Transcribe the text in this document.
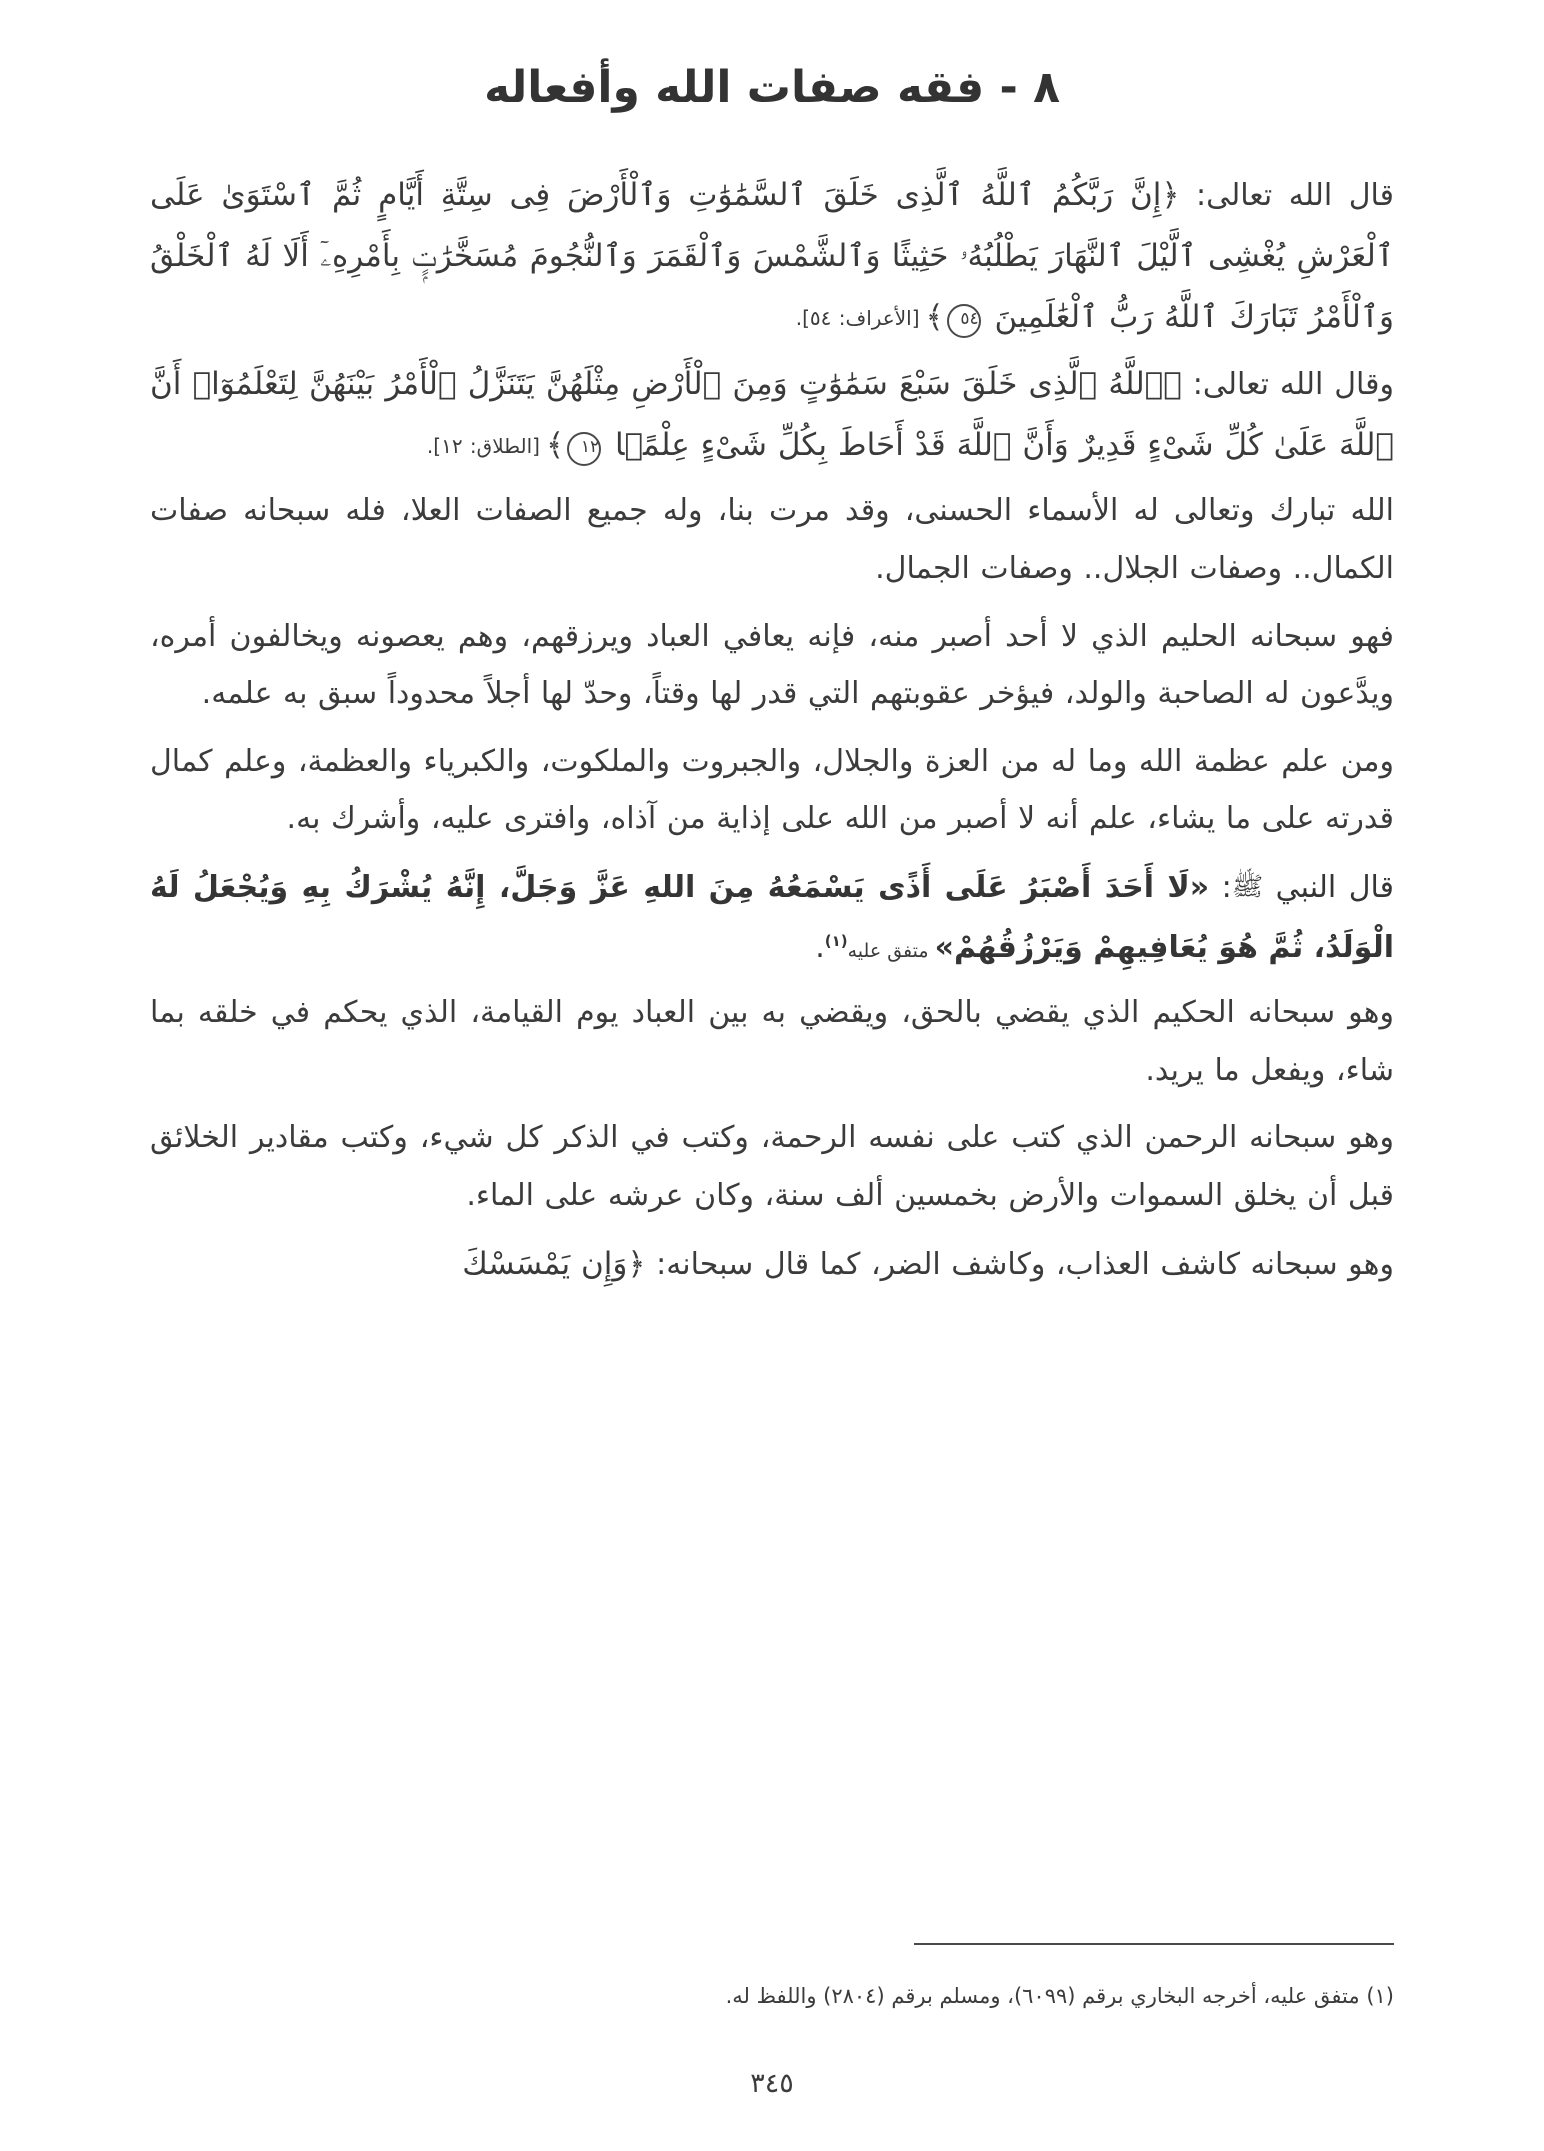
٨ - فقه صفات الله وأفعاله

قال الله تعالى: ﴿إِنَّ رَبَّكُمُ ٱللَّهُ ٱلَّذِى خَلَقَ ٱلسَّمَٰوَٰتِ وَٱلْأَرْضَ فِى سِتَّةِ أَيَّامٍ ثُمَّ ٱسْتَوَىٰ عَلَى ٱلْعَرْشِ يُغْشِى ٱلَّيْلَ ٱلنَّهَارَ يَطْلُبُهُۥ حَثِيثًا وَٱلشَّمْسَ وَٱلْقَمَرَ وَٱلنُّجُومَ مُسَخَّرَٰتٍۭ بِأَمْرِهِۦٓ أَلَا لَهُ ٱلْخَلْقُ وَٱلْأَمْرُ تَبَارَكَ ٱللَّهُ رَبُّ ٱلْعَٰلَمِينَ ٥٤﴾[الأعراف: ٥٤].

وقال الله تعالى: ﴿ٱللَّهُ ٱلَّذِى خَلَقَ سَبْعَ سَمَٰوَٰتٍ وَمِنَ ٱلْأَرْضِ مِثْلَهُنَّ يَتَنَزَّلُ ٱلْأَمْرُ بَيْنَهُنَّ لِتَعْلَمُوٓا۟ أَنَّ ٱللَّهَ عَلَىٰ كُلِّ شَىْءٍ قَدِيرٌ وَأَنَّ ٱللَّهَ قَدْ أَحَاطَ بِكُلِّ شَىْءٍ عِلْمًۢا ١٢﴾[الطلاق: ١٢].

الله تبارك وتعالى له الأسماء الحسنى، وقد مرت بنا، وله جميع الصفات العلا، فله سبحانه صفات الكمال.. وصفات الجلال.. وصفات الجمال.

فهو سبحانه الحليم الذي لا أحد أصبر منه، فإنه يعافي العباد ويرزقهم، وهم يعصونه ويخالفون أمره، ويدَّعون له الصاحبة والولد، فيؤخر عقوبتهم التي قدر لها وقتاً، وحدّ لها أجلاً محدوداً سبق به علمه.

ومن علم عظمة الله وما له من العزة والجلال، والجبروت والملكوت، والكبرياء والعظمة، وعلم كمال قدرته على ما يشاء، علم أنه لا أصبر من الله على إذاية من آذاه، وافترى عليه، وأشرك به.

قال النبي ﷺ: «لَا أَحَدَ أَصْبَرُ عَلَى أَذًى يَسْمَعُهُ مِنَ اللهِ عَزَّ وَجَلَّ، إِنَّهُ يُشْرَكُ بِهِ وَيُجْعَلُ لَهُ الْوَلَدُ، ثُمَّ هُوَ يُعَافِيهِمْ وَيَرْزُقُهُمْ»متفق عليه$^{(١)}$.

وهو سبحانه الحكيم الذي يقضي بالحق، ويقضي به بين العباد يوم القيامة، الذي يحكم في خلقه بما شاء، ويفعل ما يريد.

وهو سبحانه الرحمن الذي كتب على نفسه الرحمة، وكتب في الذكر كل شيء، وكتب مقادير الخلائق قبل أن يخلق السموات والأرض بخمسين ألف سنة، وكان عرشه على الماء.

وهو سبحانه كاشف العذاب، وكاشف الضر، كما قال سبحانه: ﴿وَإِن يَمْسَسْكَ

(١) متفق عليه، أخرجه البخاري برقم (٦٠٩٩)، ومسلم برقم (٢٨٠٤) واللفظ له.
٣٤٥
